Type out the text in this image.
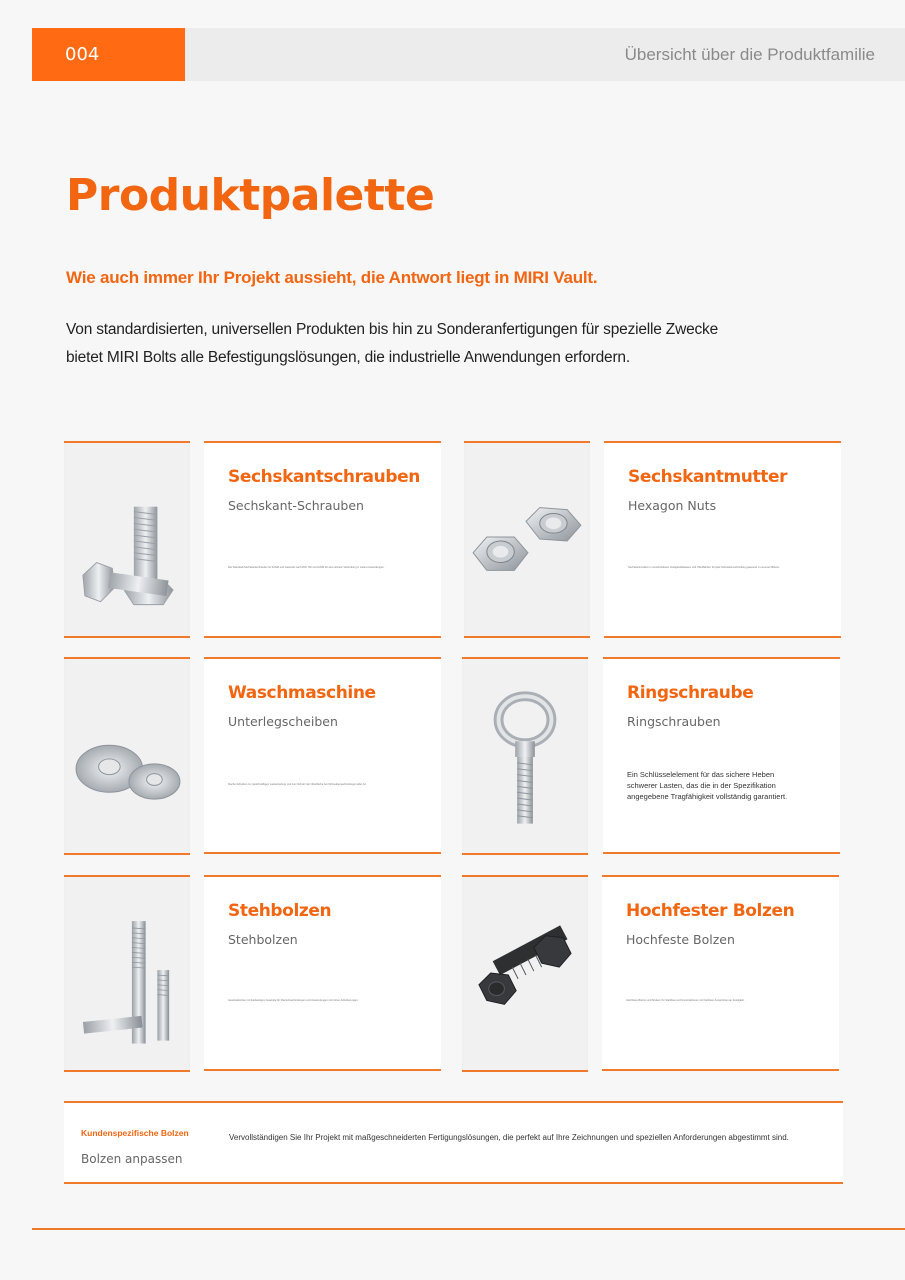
004	Übersicht über die Produktfamilie
Produktpalette
Wie auch immer Ihr Projekt aussieht, die Antwort liegt in MIRI Vault.

Von standardisierten, universellen Produkten bis hin zu Sonderanfertigungen für spezielle Zwecke bietet MIRI Bolts alle Befestigungslösungen, die industrielle Anwendungen erfordern.

Sechskantschrauben
Sechskant-Schrauben
Die Standard-Sechskantschraube mit Schaft und Gewinde nach DIN, ISO und ANSI für eine sichere Verbindung in vielen Anwendungen.
Sechskantmutter
Hexagon Nuts
Sechskantmuttern in verschiedenen Festigkeitsklassen und Oberflächen für jede Schraubenverbindung passend zu unseren Bolzen.
Waschmaschine
Unterlegscheiben
Flache Scheiben zur gleichmäßigen Lastverteilung und zum Schutz der Oberfläche bei Schraubenverbindungen aller Art.
Ringschraube
Ringschrauben
Ein Schlüsselelement für das sichere Heben schwerer Lasten, das die in der Spezifikation angegebene Tragfähigkeit vollständig garantiert.
Stehbolzen
Stehbolzen
Gewindebolzen mit beidseitigem Gewinde für Flanschverbindungen und Anwendungen mit hohen Anforderungen.
Hochfester Bolzen
Hochfeste Bolzen
Hochfeste Bolzen und Muttern für Stahlbau und Konstruktionen mit höchsten Ansprüchen an Festigkeit.
Kundenspezifische Bolzen
Bolzen anpassen
Vervollständigen Sie Ihr Projekt mit maßgeschneiderten Fertigungslösungen, die perfekt auf Ihre Zeichnungen und speziellen Anforderungen abgestimmt sind.
